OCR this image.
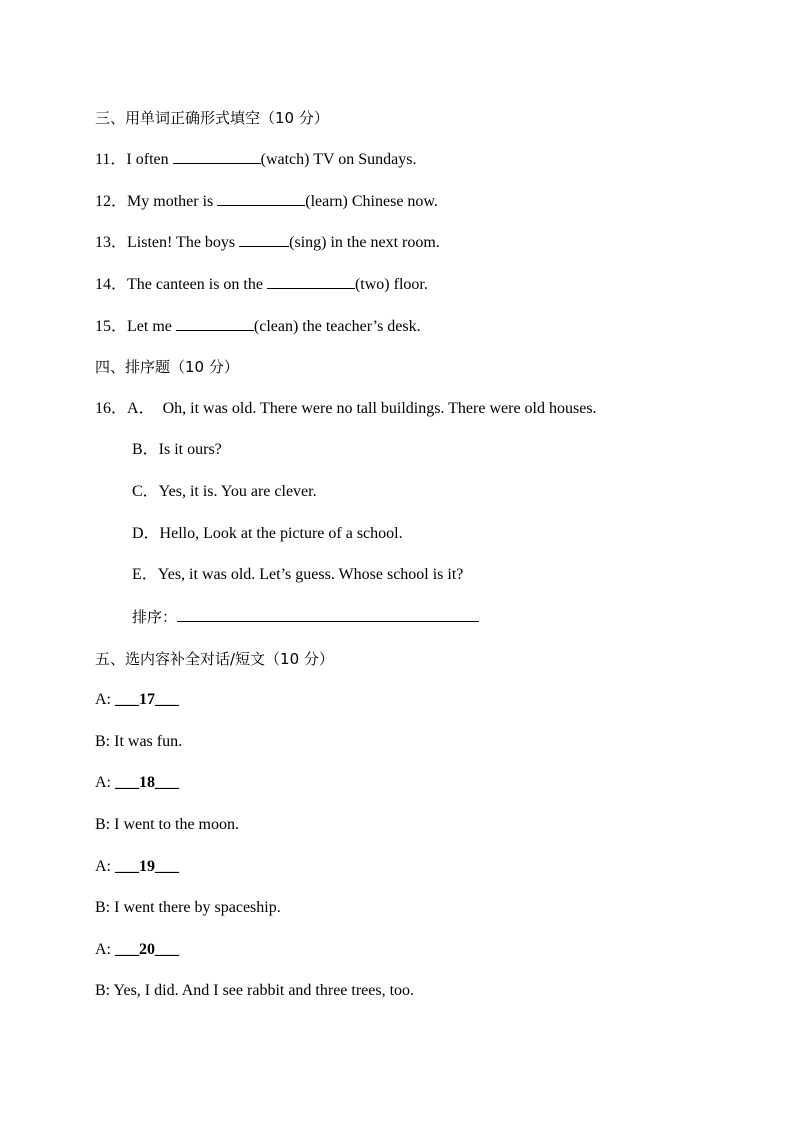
三、用单词正确形式填空（10 分）
11．I often	(watch) TV on Sundays.
12．My mother is	(learn) Chinese now.
13．Listen! The boys	(sing) in the next room.
14．The canteen is on the	(two) floor.
15．Let me	(clean) the teacher’s desk.
四、排序题（10 分）
16．A．  Oh, it was old. There were no tall buildings. There were old houses.
B．Is it ours?
C．Yes, it is. You are clever.
D．Hello, Look at the picture of a school.
E．Yes, it was old. Let’s guess. Whose school is it?
排序：
五、选内容补全对话/短文（10 分）
A: ___17___
B: It was fun.
A: ___18___
B: I went to the moon.
A: ___19___
B: I went there by spaceship.
A: ___20___
B: Yes, I did. And I see rabbit and three trees, too.
